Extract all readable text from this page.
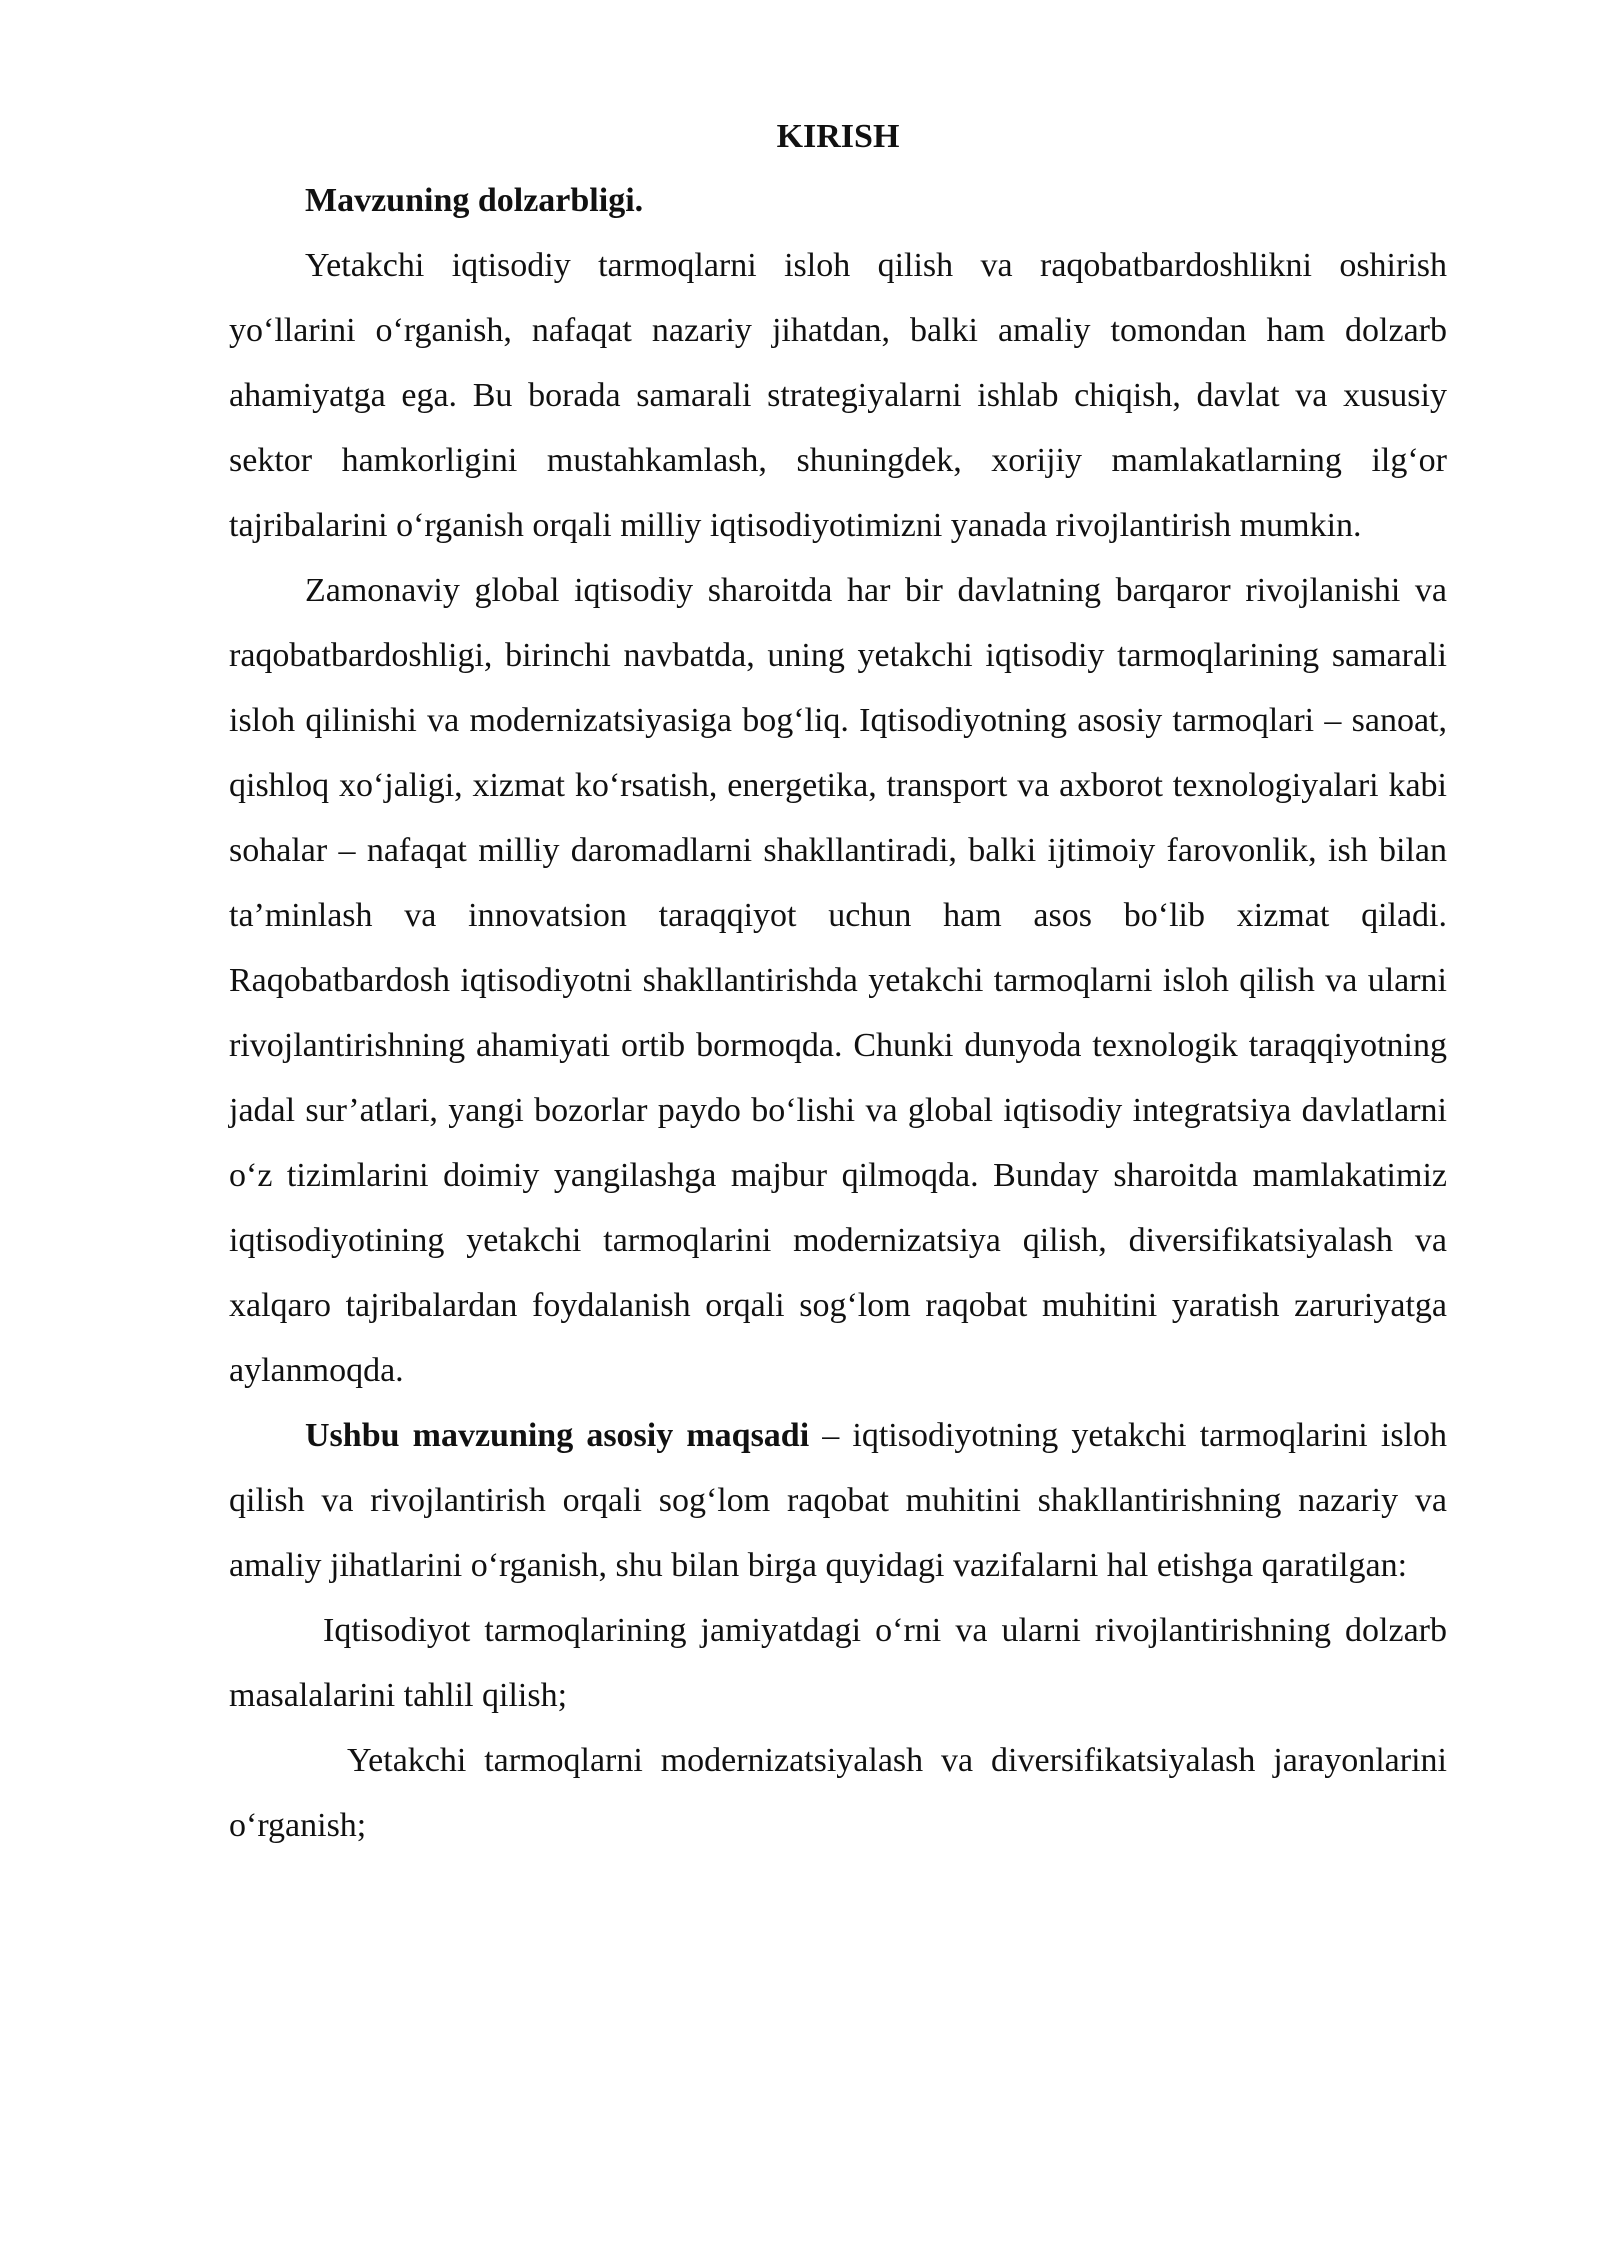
KIRISH
Mavzuning dolzarbligi.

Yetakchi iqtisodiy tarmoqlarni isloh qilish va raqobatbardoshlikni oshirish yo‘llarini o‘rganish, nafaqat nazariy jihatdan, balki amaliy tomondan ham dolzarb ahamiyatga ega. Bu borada samarali strategiyalarni ishlab chiqish, davlat va xususiy sektor hamkorligini mustahkamlash, shuningdek, xorijiy mamlakatlarning ilg‘or tajribalarini o‘rganish orqali milliy iqtisodiyotimizni yanada rivojlantirish mumkin.

Zamonaviy global iqtisodiy sharoitda har bir davlatning barqaror rivojlanishi va raqobatbardoshligi, birinchi navbatda, uning yetakchi iqtisodiy tarmoqlarining samarali isloh qilinishi va modernizatsiyasiga bog‘liq. Iqtisodiyotning asosiy tarmoqlari – sanoat, qishloq xo‘jaligi, xizmat ko‘rsatish, energetika, transport va axborot texnologiyalari kabi sohalar – nafaqat milliy daromadlarni shakllantiradi, balki ijtimoiy farovonlik, ish bilan ta’minlash va innovatsion taraqqiyot uchun ham asos bo‘lib xizmat qiladi. Raqobatbardosh iqtisodiyotni shakllantirishda yetakchi tarmoqlarni isloh qilish va ularni rivojlantirishning ahamiyati ortib bormoqda. Chunki dunyoda texnologik taraqqiyotning jadal sur’atlari, yangi bozorlar paydo bo‘lishi va global iqtisodiy integratsiya davlatlarni o‘z tizimlarini doimiy yangilashga majbur qilmoqda. Bunday sharoitda mamlakatimiz iqtisodiyotining yetakchi tarmoqlarini modernizatsiya qilish, diversifikatsiyalash va xalqaro tajribalardan foydalanish orqali sog‘lom raqobat muhitini yaratish zaruriyatga aylanmoqda.

Ushbu mavzuning asosiy maqsadi – iqtisodiyotning yetakchi tarmoqlarini isloh qilish va rivojlantirish orqali sog‘lom raqobat muhitini shakllantirishning nazariy va amaliy jihatlarini o‘rganish, shu bilan birga quyidagi vazifalarni hal etishga qaratilgan:

Iqtisodiyot tarmoqlarining jamiyatdagi o‘rni va ularni rivojlantirishning dolzarb masalalarini tahlil qilish;

Yetakchi tarmoqlarni modernizatsiyalash va diversifikatsiyalash jarayonlarini o‘rganish;
